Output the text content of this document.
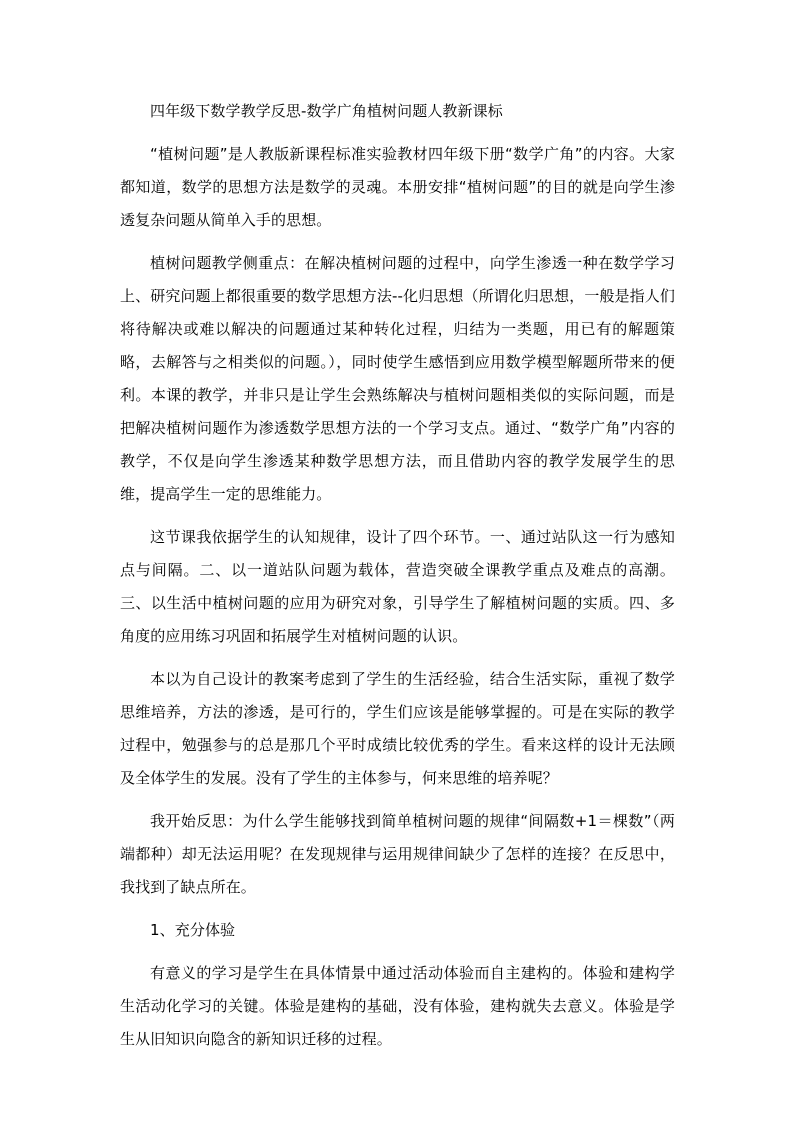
四年级下数学教学反思-数学广角植树问题人教新课标

“植树问题”是人教版新课程标准实验教材四年级下册“数学广角”的内容。大家都知道，数学的思想方法是数学的灵魂。本册安排“植树问题”的目的就是向学生渗透复杂问题从简单入手的思想。

植树问题教学侧重点：在解决植树问题的过程中，向学生渗透一种在数学学习上、研究问题上都很重要的数学思想方法--化归思想（所谓化归思想，一般是指人们将待解决或难以解决的问题通过某种转化过程，归结为一类题，用已有的解题策略，去解答与之相类似的问题。），同时使学生感悟到应用数学模型解题所带来的便利。本课的教学，并非只是让学生会熟练解决与植树问题相类似的实际问题，而是把解决植树问题作为渗透数学思想方法的一个学习支点。通过、“数学广角”内容的教学，不仅是向学生渗透某种数学思想方法，而且借助内容的教学发展学生的思维，提高学生一定的思维能力。

这节课我依据学生的认知规律，设计了四个环节。一、通过站队这一行为感知点与间隔。二、以一道站队问题为载体，营造突破全课教学重点及难点的高潮。三、以生活中植树问题的应用为研究对象，引导学生了解植树问题的实质。四、多角度的应用练习巩固和拓展学生对植树问题的认识。

本以为自己设计的教案考虑到了学生的生活经验，结合生活实际，重视了数学思维培养，方法的渗透，是可行的，学生们应该是能够掌握的。可是在实际的教学过程中，勉强参与的总是那几个平时成绩比较优秀的学生。看来这样的设计无法顾及全体学生的发展。没有了学生的主体参与，何来思维的培养呢？

我开始反思：为什么学生能够找到简单植树问题的规律“间隔数+1＝棵数”（两端都种）却无法运用呢？在发现规律与运用规律间缺少了怎样的连接？在反思中，我找到了缺点所在。

1、充分体验

有意义的学习是学生在具体情景中通过活动体验而自主建构的。体验和建构学生活动化学习的关键。体验是建构的基础，没有体验，建构就失去意义。体验是学生从旧知识向隐含的新知识迁移的过程。
